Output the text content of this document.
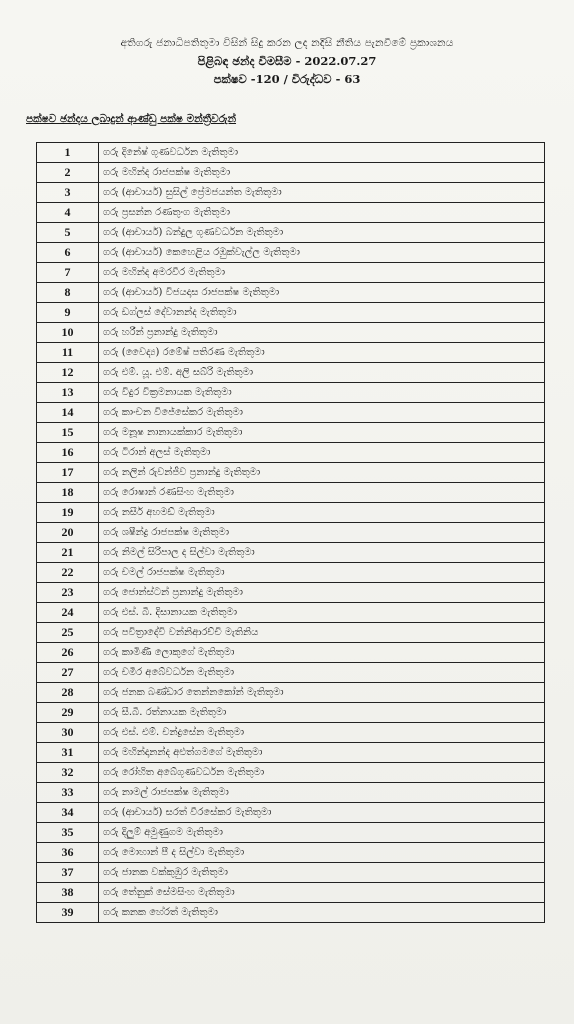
අතිගරු ජනාධිපතිතුමා විසින් සිදු කරන ලද නදිසි නීතිය පැනවීමේ ප්‍රකාශනය
පිළිබඳ ඡන්ද විමසීම - 2022.07.27
පක්ෂව -120 / විරුද්ධව - 63
පක්ෂව ඡන්දය ලබාදුන් ආණ්ඩු පක්ෂ මන්ත්‍රීවරුන්
1	ගරු දිනේෂ් ගුණවර්ධන මැතිතුමා
2	ගරු මහින්ද රාජපක්ෂ මැතිතුමා
3	ගරු (ආචාර්ය) සුසිල් ප්‍රේමජයන්ත මැතිතුමා
4	ගරු ප්‍රසන්න රණතුංග මැතිතුමා
5	ගරු (ආචාර්ය) බන්දුල ගුණවර්ධන මැතිතුමා
6	ගරු (ආචාර්ය) කෙහෙළිය රඹුක්වැල්ල මැතිතුමා
7	ගරු මහින්ද අමරවීර මැතිතුමා
8	ගරු (ආචාර්ය) විජයදාස රාජපක්ෂ මැතිතුමා
9	ගරු ඩග්ලස් දේවානන්ද මැතිතුමා
10	ගරු හරීන් ප්‍රනාන්දු මැතිතුමා
11	ගරු (වෛද්‍ය) රමේෂ් පතිරණ මැතිතුමා
12	ගරු එම්. යූ. එම්. අලි සබ්රි මැතිතුමා
13	ගරු විදුර වික්‍රමනායක මැතිතුමා
14	ගරු කාංචන විජේසේකර මැතිතුමා
15	ගරු මනූෂ නානායක්කාර මැතිතුමා
16	ගරු ටිරාන් අලස් මැතිතුමා
17	ගරු නලින් රුවන්ජීව ප්‍රනාන්දු මැතිතුමා
18	ගරු රොෂාන් රණසිංහ මැතිතුමා
19	ගරු නසීර් අහමඩ් මැතිතුමා
20	ගරු ශෂීන්ද්‍ර රාජපක්ෂ මැතිතුමා
21	ගරු නිමල් සිරිපාල ද සිල්වා මැතිතුමා
22	ගරු චමල් රාජපක්ෂ මැතිතුමා
23	ගරු ජොන්ස්ටන් ප්‍රනාන්දු මැතිතුමා
24	ගරු එස්. බී. දිසානායක මැතිතුමා
25	ගරු පවිත්‍රාදේවි වන්නිආරච්චි මැතිනිය
26	ගරු කාමිණී ලොකුගේ මැතිතුමා
27	ගරු චමීර අබේවර්ධන මැතිතුමා
28	ගරු ජනක බණ්ඩාර තෙන්නකෝන් මැතිතුමා
29	ගරු සී.බී. රත්නායක මැතිතුමා
30	ගරු එස්. එම්. චන්ද්‍රසේන මැතිතුමා
31	ගරු මහින්දානන්ද අළුත්ගමගේ මැතිතුමා
32	ගරු රෝහිත අබේගුණවර්ධන මැතිතුමා
33	ගරු නාමල් රාජපක්ෂ මැතිතුමා
34	ගරු (ආචාර්ය) සරත් වීරසේකර මැතිතුමා
35	ගරු දිලුම් අමුණුගම මැතිතුමා
36	ගරු මොහාන් පී ද සිල්වා මැතිතුමා
37	ගරු ජානක වක්කුඹුර මැතිතුමා
38	ගරු තේනුක් සේමසිංහ මැතිතුමා
39	ගරු කනක හේරත් මැතිතුමා
